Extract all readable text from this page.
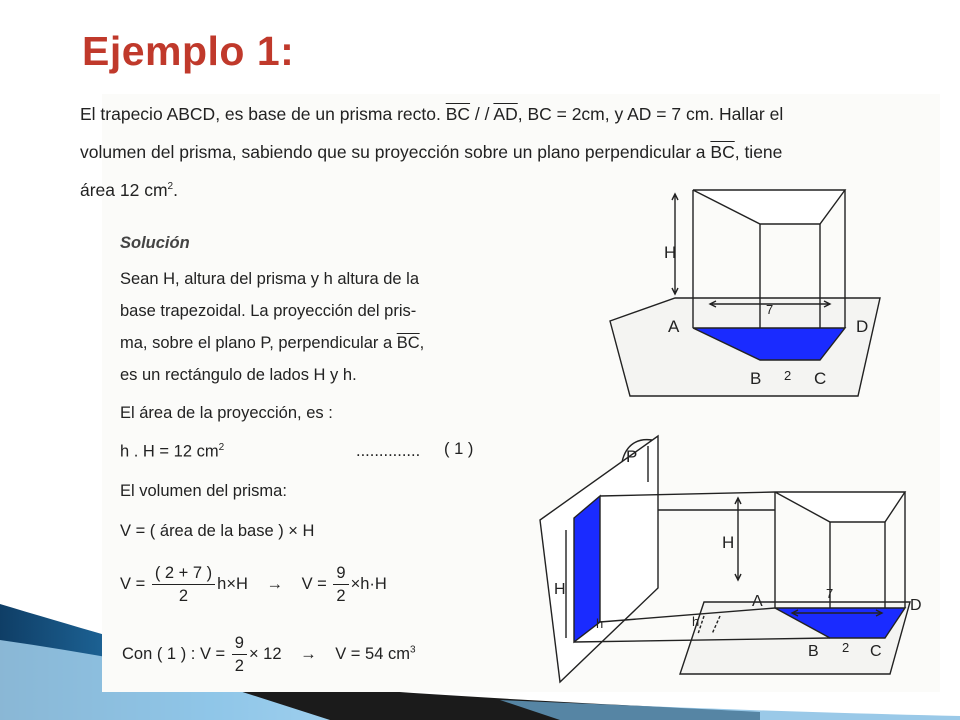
Ejemplo 1:
El trapecio ABCD, es base de un prisma recto. $\overline{BC}$ / / $\overline{AD}$, BC = 2cm, y AD = 7 cm. Hallar el
volumen del prisma, sabiendo que su proyección sobre un plano perpendicular a $\overline{BC}$, tiene
área 12 $cm^2$.
Solución
Sean H, altura del prisma y h altura de la
base trapezoidal. La proyección del pris-
ma, sobre el plano P, perpendicular a $\overline{BC}$,
es un rectángulo de lados H y h.
El área de la proyección, es :
h . H = 12 $cm^2$	.............. ( 1 )
El volumen del prisma:
V = ( área de la base ) × H
$V = \frac{( 2 + 7 )}{2} h\times H \to V = \frac{9}{2} \times h\cdot H$
Con ( 1 ) : $V = \frac{9}{2} \times 12 \to V = 54$ $cm^3$
H
7
2
A
B	C
D
P
H
h
H
h
7
2
A
B	C
D
